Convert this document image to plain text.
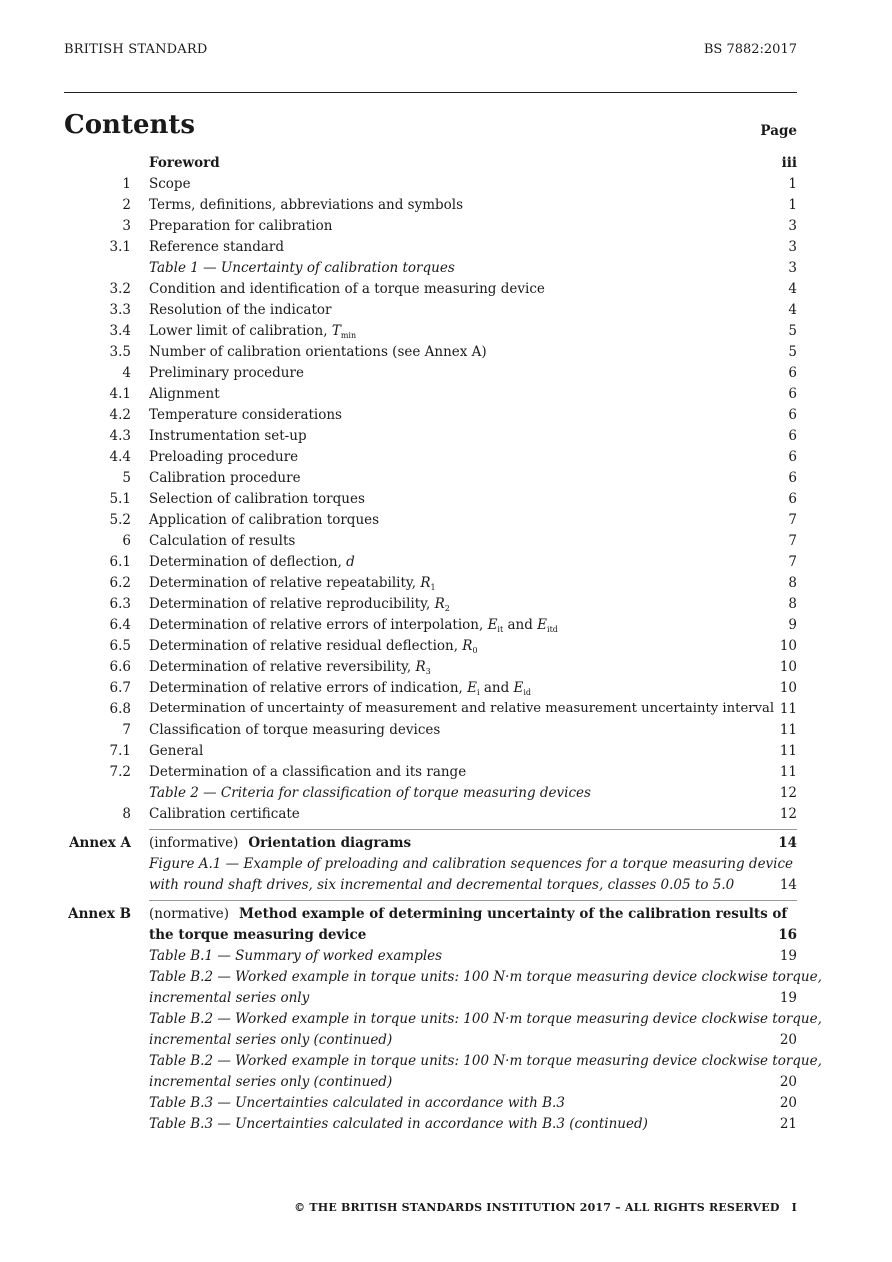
BRITISH STANDARD	BS 7882:2017
Contents	Page
Foreword	iii
1 Scope	1
2 Terms, definitions, abbreviations and symbols	1
3 Preparation for calibration	3
3.1 Reference standard	3
Table 1 — Uncertainty of calibration torques	3
3.2 Condition and identification of a torque measuring device	4
3.3 Resolution of the indicator	4
3.4 Lower limit of calibration, $T_{min}$	5
3.5 Number of calibration orientations (see Annex A)	5
4 Preliminary procedure	6
4.1 Alignment	6
4.2 Temperature considerations	6
4.3 Instrumentation set-up	6
4.4 Preloading procedure	6
5 Calibration procedure	6
5.1 Selection of calibration torques	6
5.2 Application of calibration torques	7
6 Calculation of results	7
6.1 Determination of deflection, d	7
6.2 Determination of relative repeatability, $R_1$	8
6.3 Determination of relative reproducibility, $R_2$	8
6.4 Determination of relative errors of interpolation, $E_{it}$ and $E_{itd}$	9
6.5 Determination of relative residual deflection, $R_0$	10
6.6 Determination of relative reversibility, $R_3$	10
6.7 Determination of relative errors of indication, $E_i$ and $E_{id}$	10
6.8 Determination of uncertainty of measurement and relative measurement uncertainty interval 11
7 Classification of torque measuring devices	11
7.1 General	11
7.2 Determination of a classification and its range	11
Table 2 — Criteria for classification of torque measuring devices	12
8 Calibration certificate	12
Annex A (informative) Orientation diagrams	14
Figure A.1 — Example of preloading and calibration sequences for a torque measuring device
with round shaft drives, six incremental and decremental torques, classes 0.05 to 5.0	14
Annex B (normative) Method example of determining uncertainty of the calibration results of
the torque measuring device	16
Table B.1 — Summary of worked examples	19
Table B.2 — Worked example in torque units: 100 N·m torque measuring device clockwise torque,
incremental series only	19
Table B.2 — Worked example in torque units: 100 N·m torque measuring device clockwise torque,
incremental series only (continued)	20
Table B.2 — Worked example in torque units: 100 N·m torque measuring device clockwise torque,
incremental series only (continued)	20
Table B.3 — Uncertainties calculated in accordance with B.3	20
Table B.3 — Uncertainties calculated in accordance with B.3 (continued)	21
© THE BRITISH STANDARDS INSTITUTION 2017 – ALL RIGHTS RESERVED I
